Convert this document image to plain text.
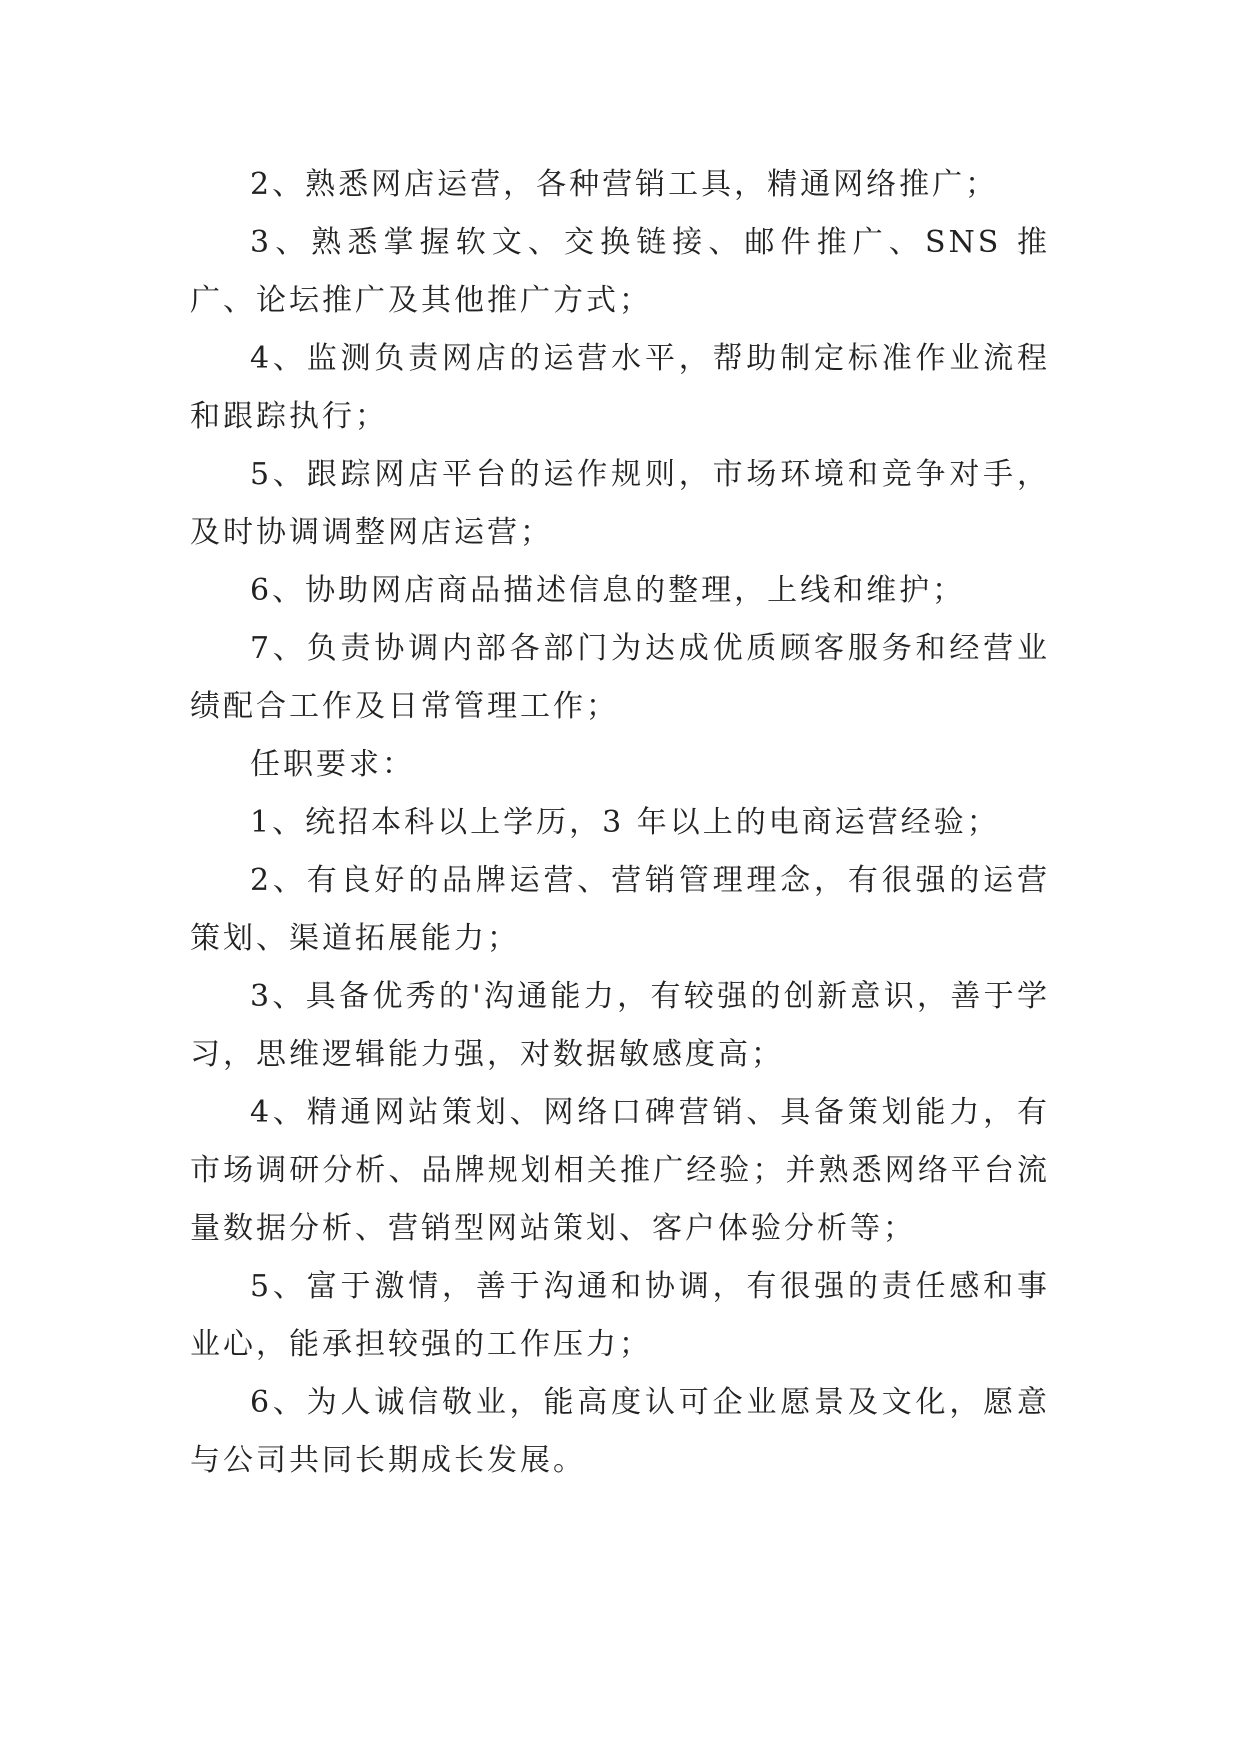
2、熟悉网店运营，各种营销工具，精通网络推广；

3、熟悉掌握软文、交换链接、邮件推广、SNS 推广、论坛推广及其他推广方式；

4、监测负责网店的运营水平，帮助制定标准作业流程和跟踪执行；

5、跟踪网店平台的运作规则，市场环境和竞争对手，及时协调调整网店运营；

6、协助网店商品描述信息的整理，上线和维护；

7、负责协调内部各部门为达成优质顾客服务和经营业绩配合工作及日常管理工作；

任职要求：

1、统招本科以上学历，3 年以上的电商运营经验；

2、有良好的品牌运营、营销管理理念，有很强的运营策划、渠道拓展能力；

3、具备优秀的'沟通能力，有较强的创新意识，善于学习，思维逻辑能力强，对数据敏感度高；

4、精通网站策划、网络口碑营销、具备策划能力，有市场调研分析、品牌规划相关推广经验；并熟悉网络平台流量数据分析、营销型网站策划、客户体验分析等；

5、富于激情，善于沟通和协调，有很强的责任感和事业心，能承担较强的工作压力；

6、为人诚信敬业，能高度认可企业愿景及文化，愿意与公司共同长期成长发展。
